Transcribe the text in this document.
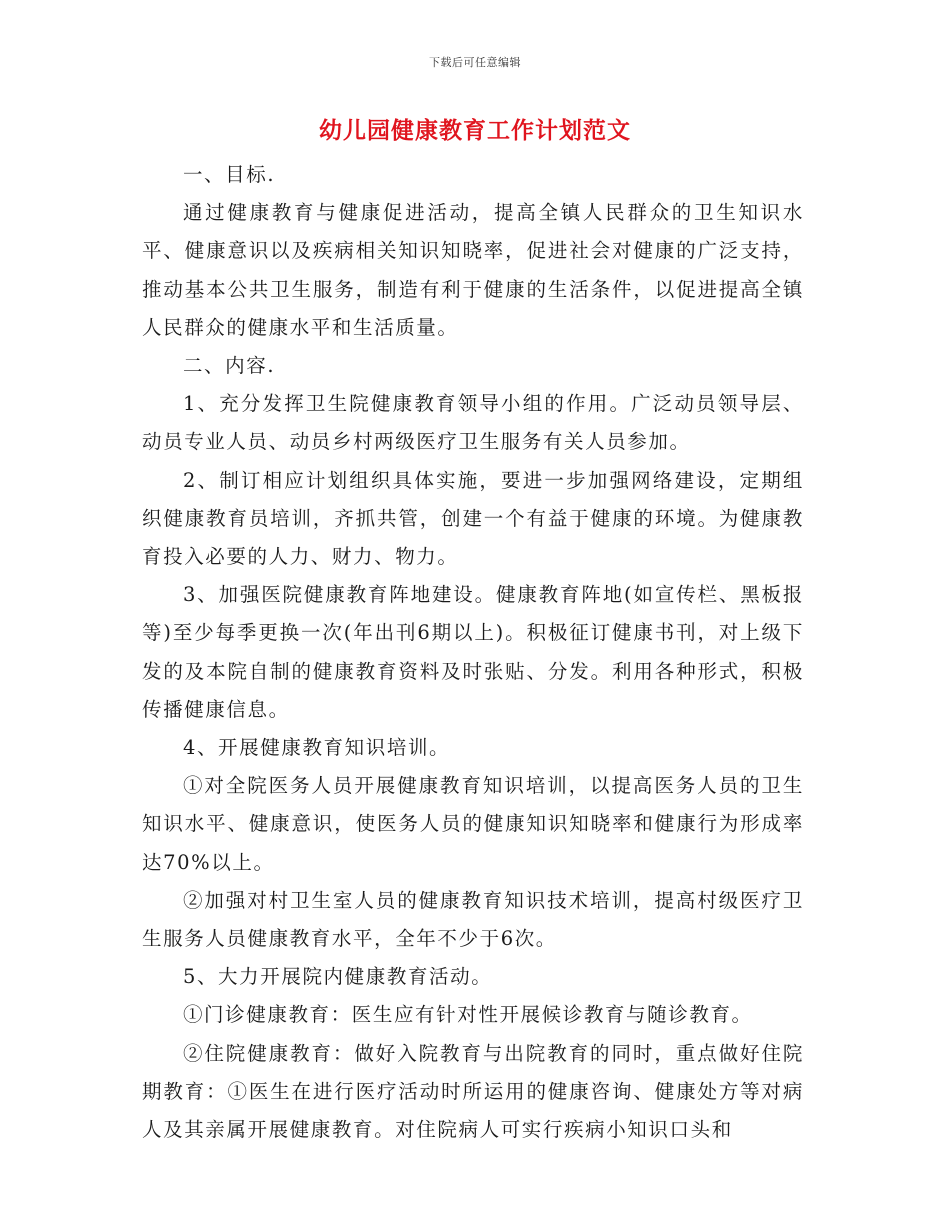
下载后可任意编辑
幼儿园健康教育工作计划范文

一、目标.

通过健康教育与健康促进活动，提高全镇人民群众的卫生知识水平、健康意识以及疾病相关知识知晓率，促进社会对健康的广泛支持，推动基本公共卫生服务，制造有利于健康的生活条件，以促进提高全镇人民群众的健康水平和生活质量。

二、内容.

1、充分发挥卫生院健康教育领导小组的作用。广泛动员领导层、动员专业人员、动员乡村两级医疗卫生服务有关人员参加。

2、制订相应计划组织具体实施，要进一步加强网络建设，定期组织健康教育员培训，齐抓共管，创建一个有益于健康的环境。为健康教育投入必要的人力、财力、物力。

3、加强医院健康教育阵地建设。健康教育阵地(如宣传栏、黑板报等)至少每季更换一次(年出刊6期以上)。积极征订健康书刊，对上级下发的及本院自制的健康教育资料及时张贴、分发。利用各种形式，积极传播健康信息。

4、开展健康教育知识培训。

①对全院医务人员开展健康教育知识培训，以提高医务人员的卫生知识水平、健康意识，使医务人员的健康知识知晓率和健康行为形成率达70%以上。

②加强对村卫生室人员的健康教育知识技术培训，提高村级医疗卫生服务人员健康教育水平，全年不少于6次。

5、大力开展院内健康教育活动。

①门诊健康教育：医生应有针对性开展候诊教育与随诊教育。

②住院健康教育：做好入院教育与出院教育的同时，重点做好住院期教育：①医生在进行医疗活动时所运用的健康咨询、健康处方等对病人及其亲属开展健康教育。对住院病人可实行疾病小知识口头和
